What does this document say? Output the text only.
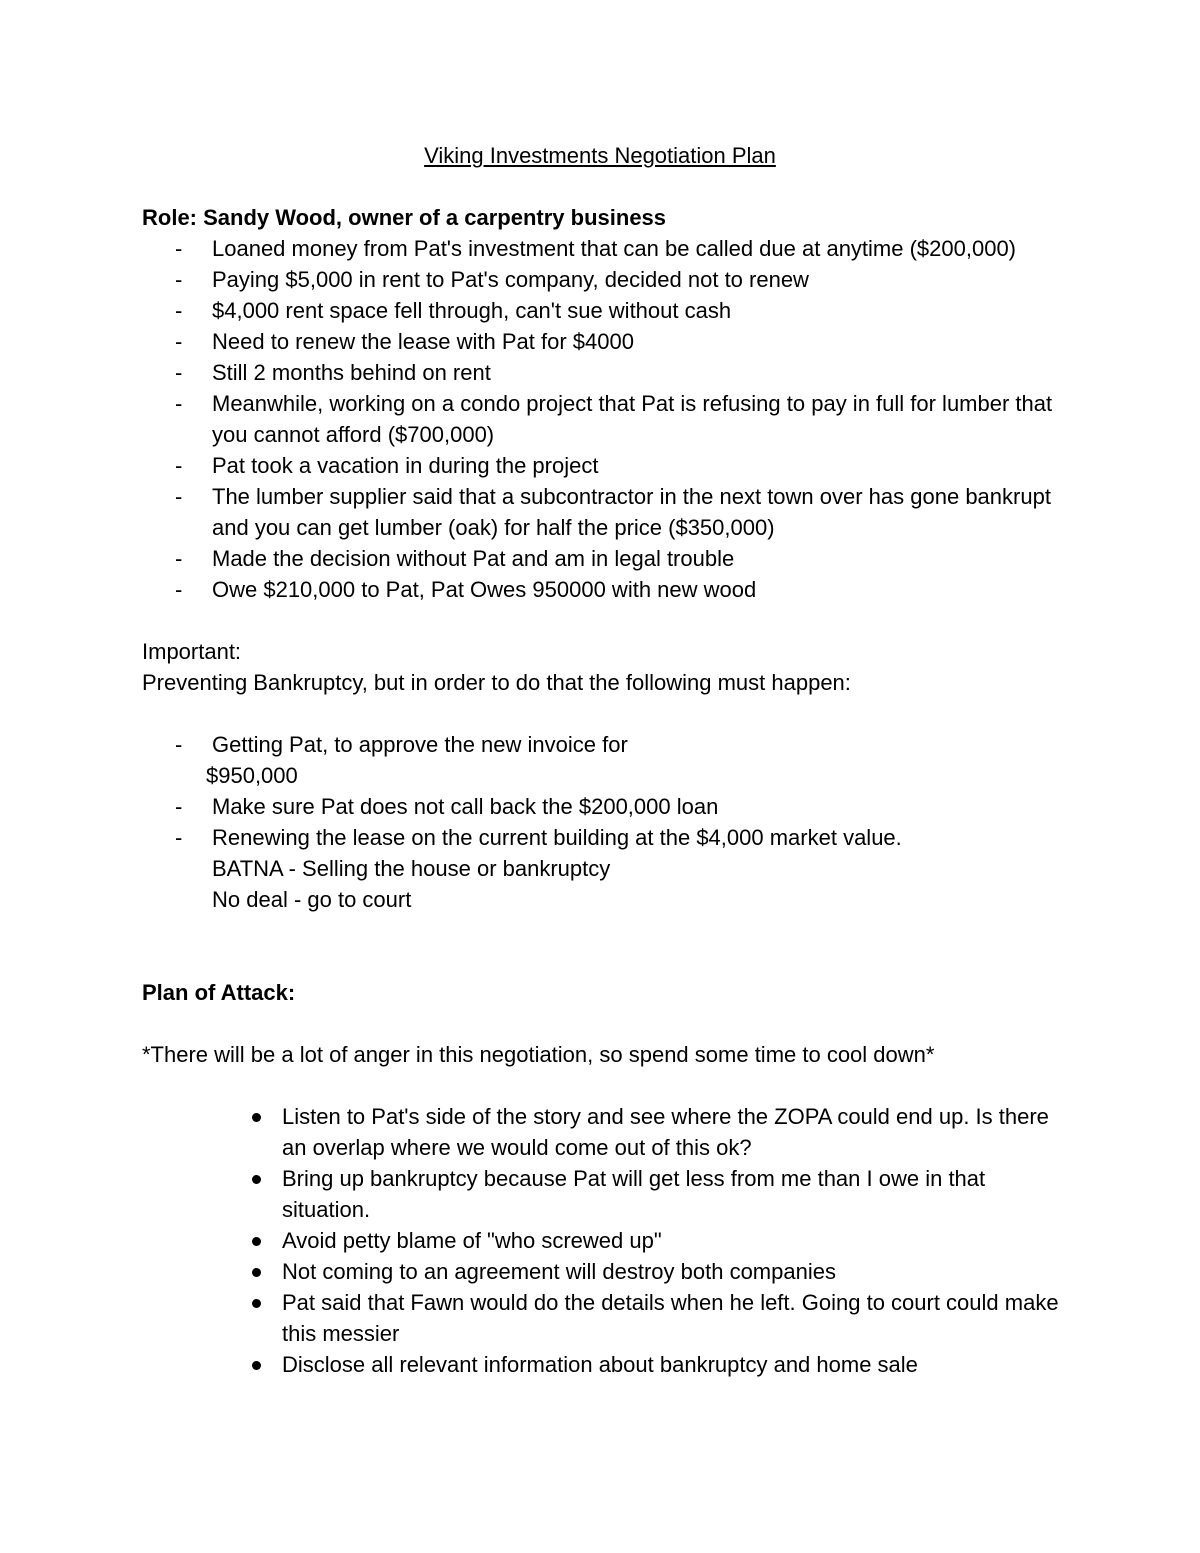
Viking Investments Negotiation Plan

Role: Sandy Wood, owner of a carpentry business

- Loaned money from Pat's investment that can be called due at anytime ($200,000)
- Paying $5,000 in rent to Pat's company, decided not to renew
- $4,000 rent space fell through, can't sue without cash
- Need to renew the lease with Pat for $4000
- Still 2 months behind on rent
- Meanwhile, working on a condo project that Pat is refusing to pay in full for lumber that you cannot afford ($700,000)
- Pat took a vacation in during the project
- The lumber supplier said that a subcontractor in the next town over has gone bankrupt and you can get lumber (oak) for half the price ($350,000)
- Made the decision without Pat and am in legal trouble
- Owe $210,000 to Pat, Pat Owes 950000 with new wood

Important:

Preventing Bankruptcy, but in order to do that the following must happen:

- Getting Pat, to approve the new invoice for
$950,000
- Make sure Pat does not call back the $200,000 loan
- Renewing the lease on the current building at the $4,000 market value.

BATNA - Selling the house or bankruptcy

No deal - go to court

Plan of Attack:

*There will be a lot of anger in this negotiation, so spend some time to cool down*

Listen to Pat's side of the story and see where the ZOPA could end up. Is there an overlap where we would come out of this ok?
Bring up bankruptcy because Pat will get less from me than I owe in that situation.
Avoid petty blame of "who screwed up"
Not coming to an agreement will destroy both companies
Pat said that Fawn would do the details when he left. Going to court could make this messier
Disclose all relevant information about bankruptcy and home sale
